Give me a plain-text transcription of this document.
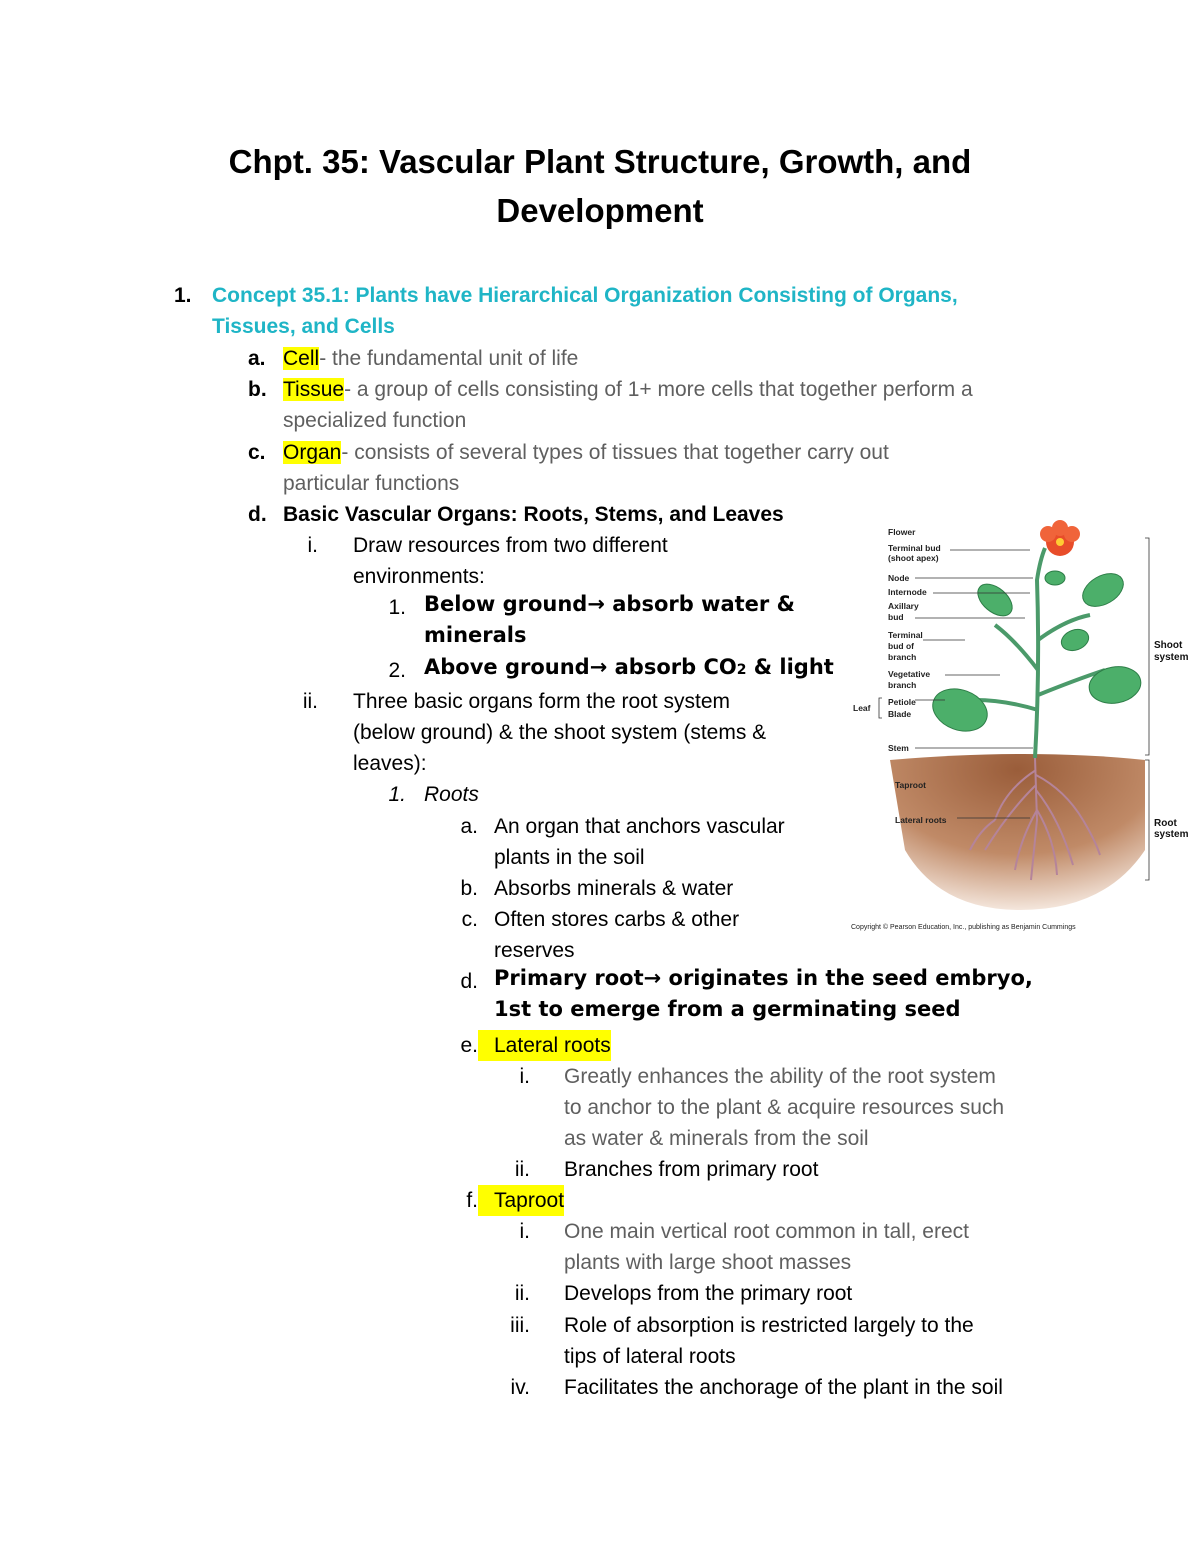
Chpt. 35: Vascular Plant Structure, Growth, and
Development
1. Concept 35.1: Plants have Hierarchical Organization Consisting of Organs,
Tissues, and Cells
a. Cell- the fundamental unit of life
b. Tissue- a group of cells consisting of 1+ more cells that together perform a
specialized function
c. Organ- consists of several types of tissues that together carry out
particular functions
d. Basic Vascular Organs: Roots, Stems, and Leaves
i. Draw resources from two different
environments:
1. Below ground→ absorb water &
minerals
2. Above ground→ absorb CO2 & light
ii. Three basic organs form the root system
(below ground) & the shoot system (stems &
leaves):
1. Roots
a. An organ that anchors vascular
plants in the soil
b. Absorbs minerals & water
c. Often stores carbs & other
reserves
d. Primary root→ originates in the seed embryo,
1st to emerge from a germinating seed
e. Lateral roots
i. Greatly enhances the ability of the root system
to anchor to the plant & acquire resources such
as water & minerals from the soil
ii. Branches from primary root
f. Taproot
i. One main vertical root common in tall, erect
plants with large shoot masses
ii. Develops from the primary root
iii. Role of absorption is restricted largely to the
tips of lateral roots
iv. Facilitates the anchorage of the plant in the soil
Flower
Terminal bud
(shoot apex)
Node
Internode
Axillary
bud
Terminal
bud of
branch
Vegetative
branch
Leaf
Petiole
Blade
Stem
Taproot
Lateral roots
Shoot
system
Root
system
Copyright © Pearson Education, Inc., publishing as Benjamin Cummings
